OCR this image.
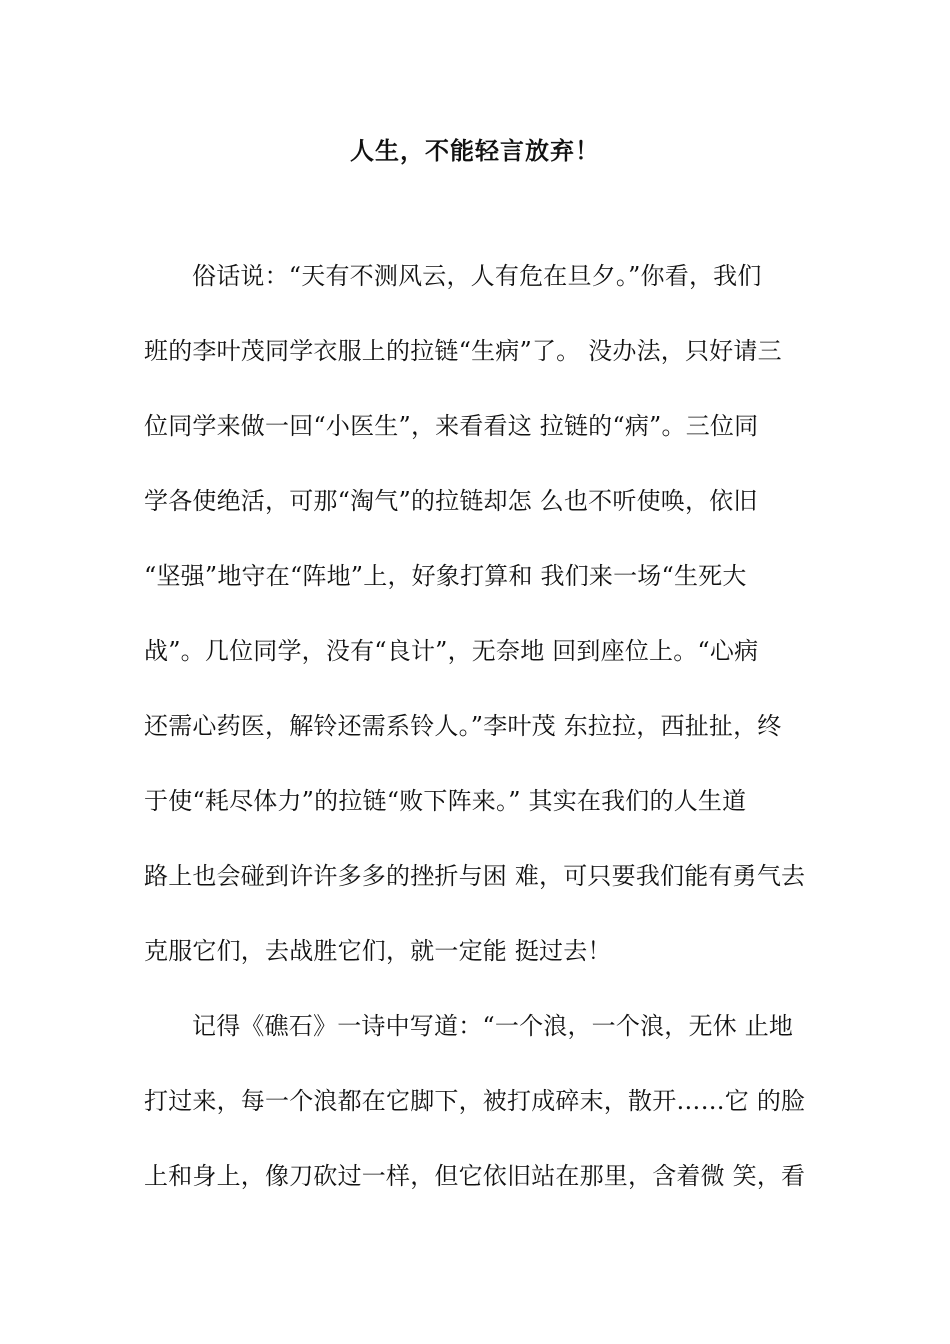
人生，不能轻言放弃！
俗话说：“天有不测风云，人有危在旦夕。”你看，我们
班的李叶茂同学衣服上的拉链“生病”了。 没办法，只好请三
位同学来做一回“小医生”，来看看这 拉链的“病”。三位同
学各使绝活，可那“淘气”的拉链却怎 么也不听使唤，依旧
“坚强”地守在“阵地”上，好象打算和 我们来一场“生死大
战”。几位同学，没有“良计”，无奈地 回到座位上。“心病
还需心药医，解铃还需系铃人。”李叶茂 东拉拉，西扯扯，终
于使“耗尽体力”的拉链“败下阵来。” 其实在我们的人生道
路上也会碰到许许多多的挫折与困 难，可只要我们能有勇气去
克服它们，去战胜它们，就一定能 挺过去！
记得《礁石》一诗中写道：“一个浪，一个浪，无休 止地
打过来，每一个浪都在它脚下，被打成碎末，散开……它 的脸
上和身上，像刀砍过一样，但它依旧站在那里，含着微 笑，看
